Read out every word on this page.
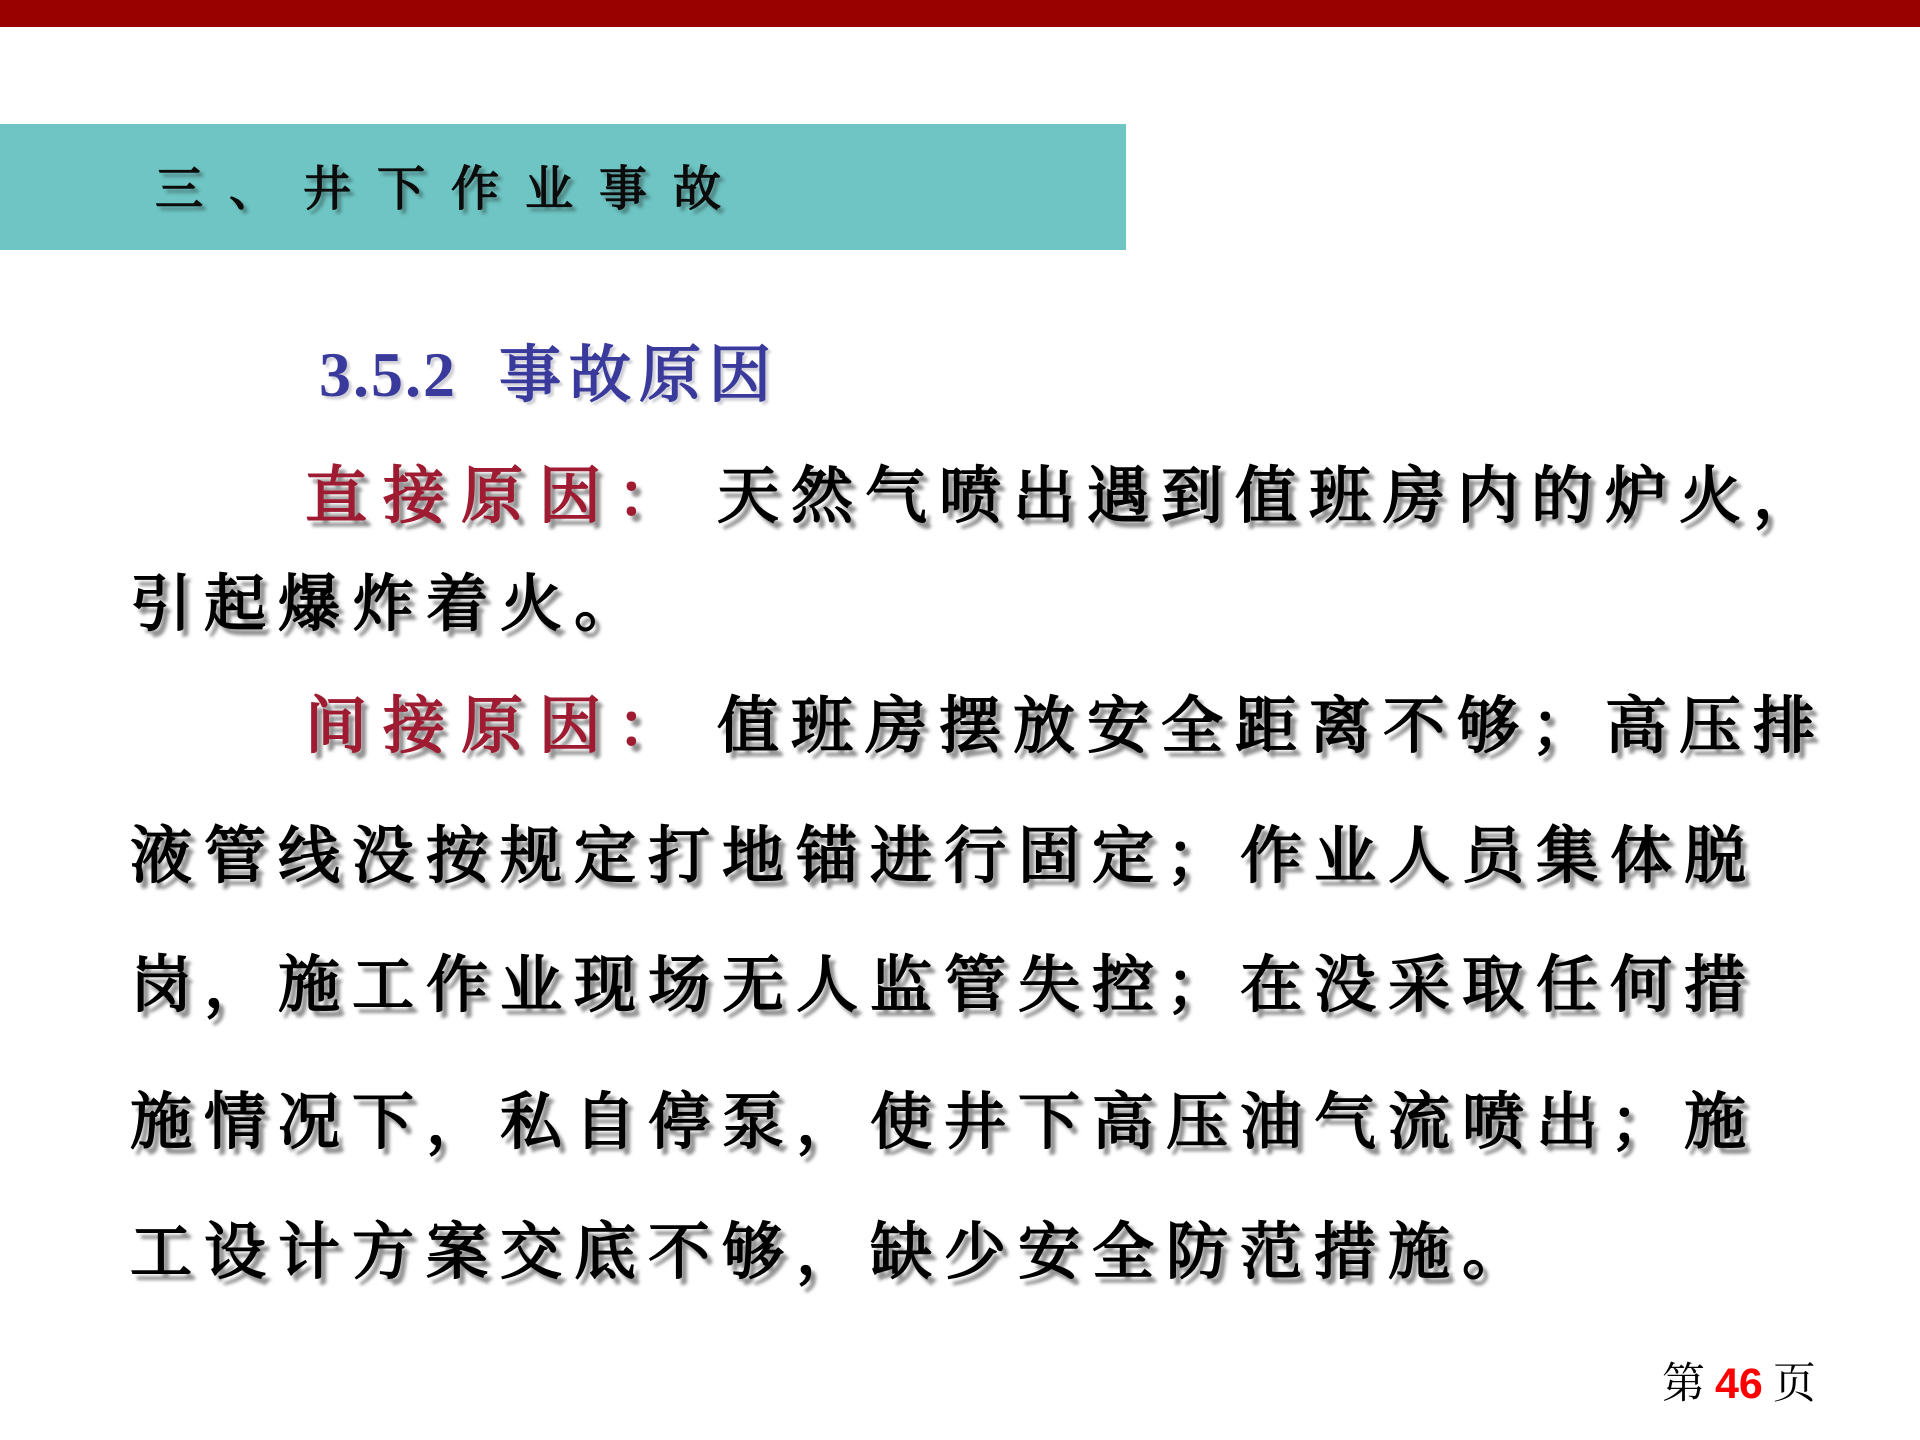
三、井下作业事故
3.5.2 事故原因
直接原因： 天然气喷出遇到值班房内的炉火，
引起爆炸着火。
间接原因： 值班房摆放安全距离不够；高压排
液管线没按规定打地锚进行固定；作业人员集体脱
岗，施工作业现场无人监管失控；在没采取任何措
施情况下，私自停泵，使井下高压油气流喷出；施
工设计方案交底不够，缺少安全防范措施。
第 46 页
